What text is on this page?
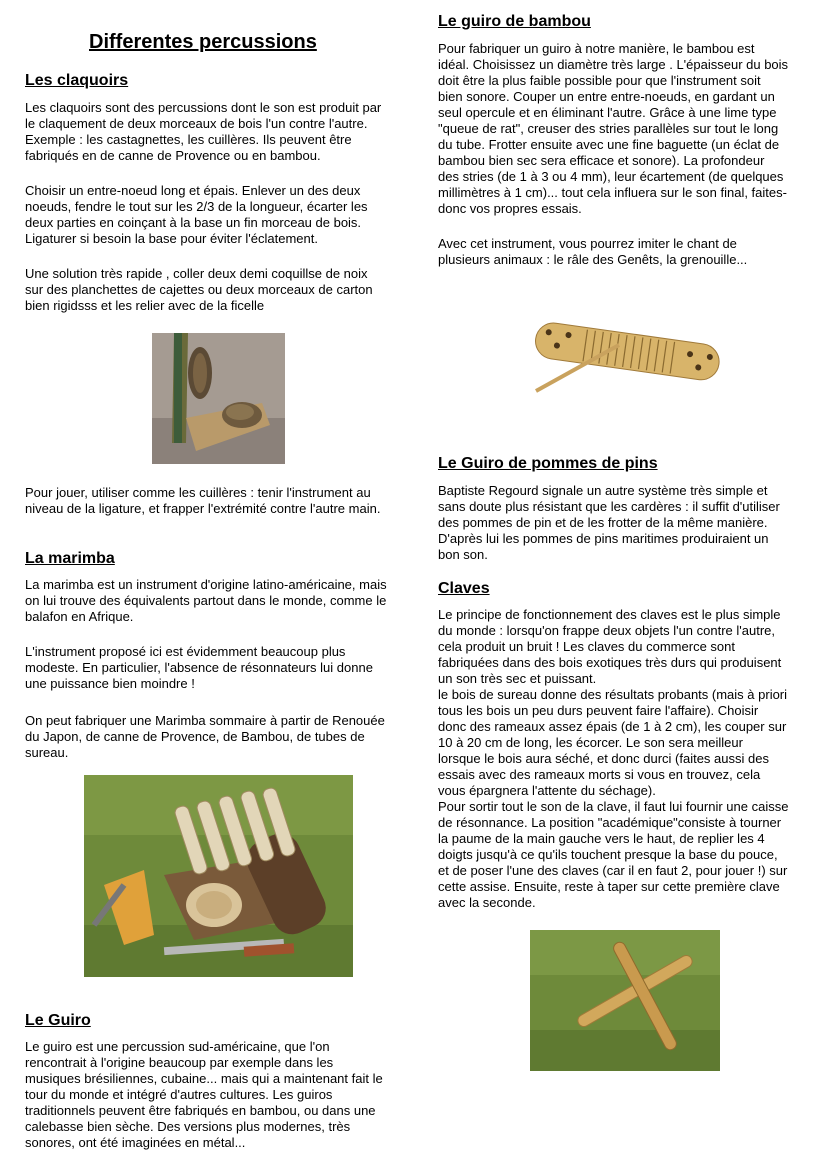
Differentes percussions
Les claquoirs

Les claquoirs sont des percussions dont le son est produit par
le claquement de deux morceaux de bois l'un contre l'autre.
Exemple : les castagnettes, les cuillères. Ils peuvent être
fabriqués en de canne de Provence ou en bambou.

Choisir un entre-noeud long et épais. Enlever un des deux
noeuds, fendre le tout sur les 2/3 de la longueur, écarter les
deux parties en coinçant à la base un fin morceau de bois.
Ligaturer si besoin la base pour éviter l'éclatement.

Une solution très rapide , coller deux demi coquillse de noix
sur des planchettes de cajettes ou deux morceaux de carton
bien rigidsss et les relier avec de la ficelle

Pour jouer, utiliser comme les cuillères : tenir l'instrument au
niveau de la ligature, et frapper l'extrémité contre l'autre main.

La marimba

La marimba est un instrument d'origine latino-américaine, mais
on lui trouve des équivalents partout dans le monde, comme le
balafon en Afrique.

L'instrument proposé ici est évidemment beaucoup plus
modeste. En particulier, l'absence de résonnateurs lui donne
une puissance bien moindre !

On peut fabriquer une Marimba sommaire à partir de Renouée
du Japon, de canne de Provence, de Bambou, de tubes de
sureau.

Le Guiro

Le guiro est une percussion sud-américaine, que l'on
rencontrait à l'origine beaucoup par exemple dans les
musiques brésiliennes, cubaine... mais qui a maintenant fait le
tour du monde et intégré d'autres cultures. Les guiros
traditionnels peuvent être fabriqués en bambou, ou dans une
calebasse bien sèche. Des versions plus modernes, très
sonores, ont été imaginées en métal...

Le guiro de bambou

Pour fabriquer un guiro à notre manière, le bambou est
idéal. Choisissez un diamètre très large . L'épaisseur du bois
doit être la plus faible possible pour que l'instrument soit
bien sonore. Couper un entre entre-noeuds, en gardant un
seul opercule et en éliminant l'autre. Grâce à une lime type
"queue de rat", creuser des stries parallèles sur tout le long
du tube. Frotter ensuite avec une fine baguette (un éclat de
bambou bien sec sera efficace et sonore). La profondeur
des stries (de 1 à 3 ou 4 mm), leur écartement (de quelques
millimètres à 1 cm)... tout cela influera sur le son final, faites-
donc vos propres essais.

Avec cet instrument, vous pourrez imiter le chant de
plusieurs animaux : le râle des Genêts, la grenouille...

Le Guiro de pommes de pins

Baptiste Regourd signale un autre système très simple et
sans doute plus résistant que les cardères : il suffit d'utiliser
des pommes de pin et de les frotter de la même manière.
D'après lui les pommes de pins maritimes produiraient un
bon son.

Claves

Le principe de fonctionnement des claves est le plus simple
du monde : lorsqu'on frappe deux objets l'un contre l'autre,
cela produit un bruit ! Les claves du commerce sont
fabriquées dans des bois exotiques très durs qui produisent
un son très sec et puissant.
le bois de sureau donne des résultats probants (mais à priori
tous les bois un peu durs peuvent faire l'affaire). Choisir
donc des rameaux assez épais (de 1 à 2 cm), les couper sur
10 à 20 cm de long, les écorcer. Le son sera meilleur
lorsque le bois aura séché, et donc durci (faites aussi des
essais avec des rameaux morts si vous en trouvez, cela
vous épargnera l'attente du séchage).
Pour sortir tout le son de la clave, il faut lui fournir une caisse
de résonnance. La position "académique"consiste à tourner
la paume de la main gauche vers le haut, de replier les 4
doigts jusqu'à ce qu'ils touchent presque la base du pouce,
et de poser l'une des claves (car il en faut 2, pour jouer !) sur
cette assise. Ensuite, reste à taper sur cette première clave
avec la seconde.
